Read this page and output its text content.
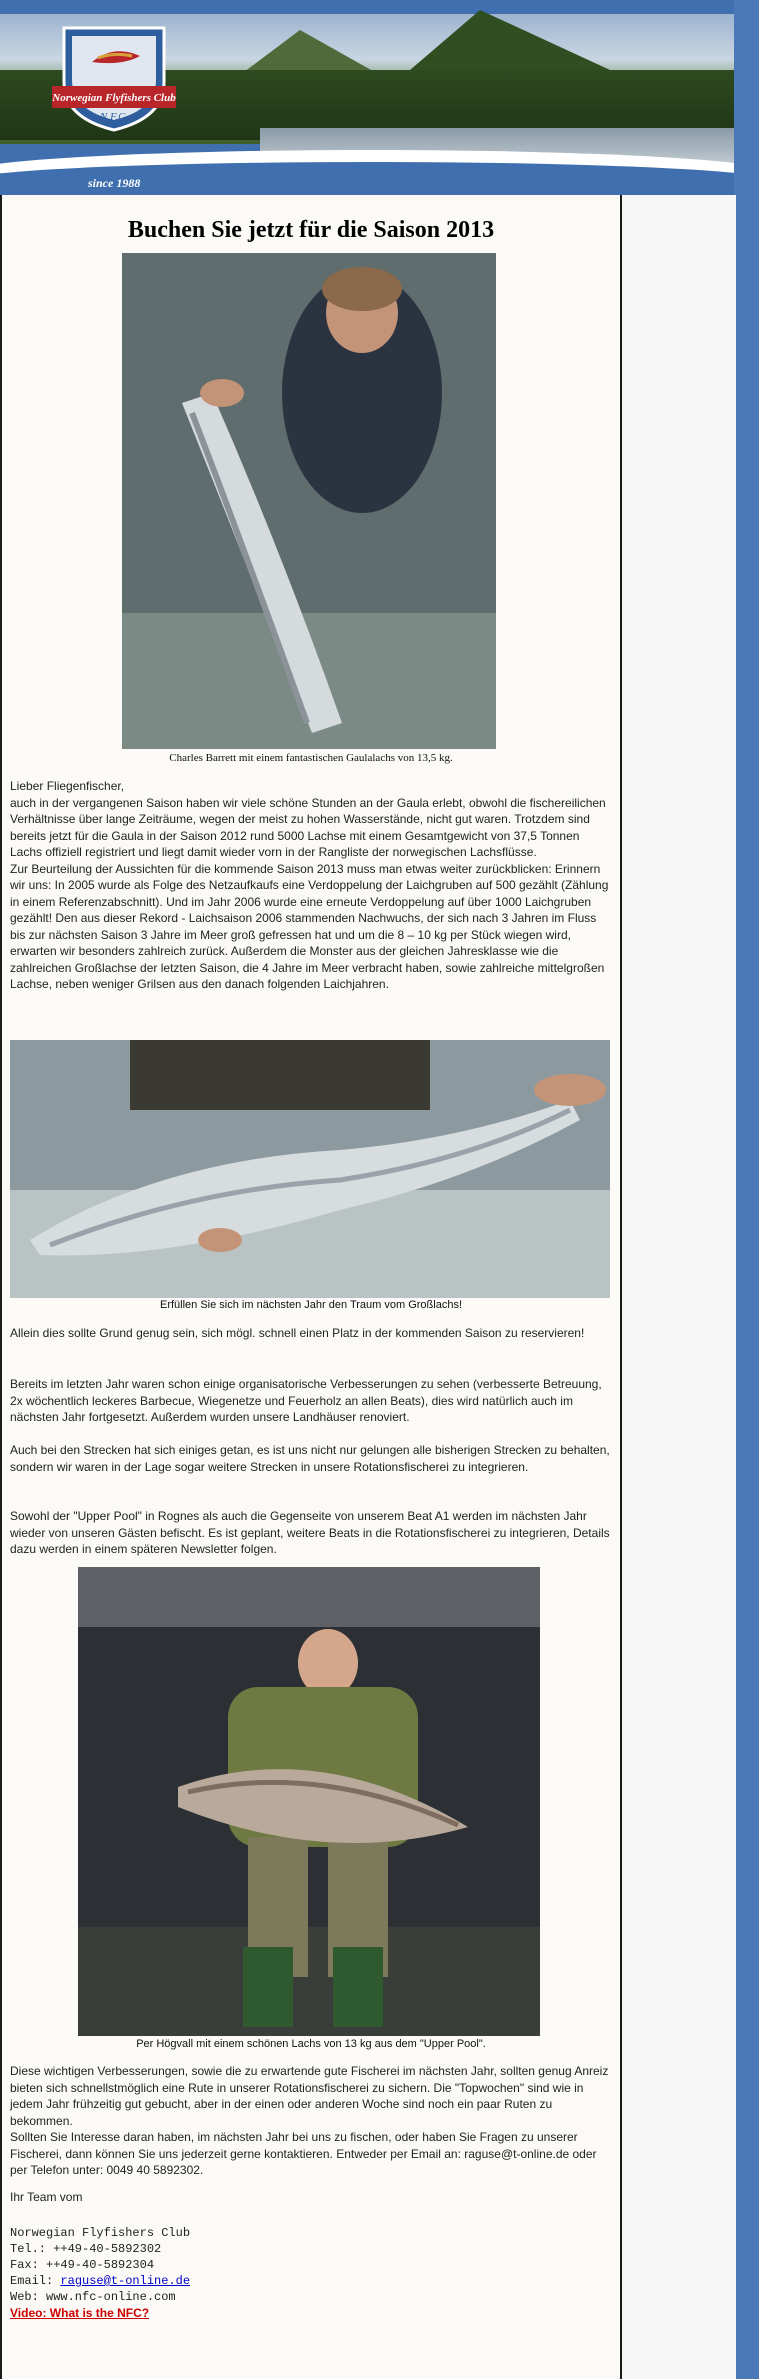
Norwegian Flyfishers Club
N.F.C.
since 1988
Buchen Sie jetzt für die Saison 2013
Charles Barrett mit einem fantastischen Gaulalachs von 13,5 kg.

Lieber Fliegenfischer,
auch in der vergangenen Saison haben wir viele schöne Stunden an der Gaula erlebt, obwohl die fischereilichen Verhältnisse über lange Zeiträume, wegen der meist zu hohen Wasserstände, nicht gut waren. Trotzdem sind bereits jetzt für die Gaula in der Saison 2012 rund 5000 Lachse mit einem Gesamtgewicht von 37,5 Tonnen Lachs offiziell registriert und liegt damit wieder vorn in der Rangliste der norwegischen Lachsflüsse.
Zur Beurteilung der Aussichten für die kommende Saison 2013 muss man etwas weiter zurückblicken: Erinnern wir uns: In 2005 wurde als Folge des Netzaufkaufs eine Verdoppelung der Laichgruben auf 500 gezählt (Zählung in einem Referenzabschnitt). Und im Jahr 2006 wurde eine erneute Verdoppelung auf über 1000 Laichgruben gezählt! Den aus dieser Rekord - Laichsaison 2006 stammenden Nachwuchs, der sich nach 3 Jahren im Fluss bis zur nächsten Saison 3 Jahre im Meer groß gefressen hat und um die 8 – 10 kg per Stück wiegen wird, erwarten wir besonders zahlreich zurück. Außerdem die Monster aus der gleichen Jahresklasse wie die zahlreichen Großlachse der letzten Saison, die 4 Jahre im Meer verbracht haben, sowie zahlreiche mittelgroßen Lachse, neben weniger Grilsen aus den danach folgenden Laichjahren.

Erfüllen Sie sich im nächsten Jahr den Traum vom Großlachs!

Allein dies sollte Grund genug sein, sich mögl. schnell einen Platz in der kommenden Saison zu reservieren!

Bereits im letzten Jahr waren schon einige organisatorische Verbesserungen zu sehen (verbesserte Betreuung, 2x wöchentlich leckeres Barbecue, Wiegenetze und Feuerholz an allen Beats), dies wird natürlich auch im nächsten Jahr fortgesetzt. Außerdem wurden unsere Landhäuser renoviert.

Auch bei den Strecken hat sich einiges getan, es ist uns nicht nur gelungen alle bisherigen Strecken zu behalten, sondern wir waren in der Lage sogar weitere Strecken in unsere Rotationsfischerei zu integrieren.

Sowohl der "Upper Pool" in Rognes als auch die Gegenseite von unserem Beat A1 werden im nächsten Jahr wieder von unseren Gästen befischt. Es ist geplant, weitere Beats in die Rotationsfischerei zu integrieren, Details dazu werden in einem späteren Newsletter folgen.

Per Högvall mit einem schönen Lachs von 13 kg aus dem "Upper Pool".

Diese wichtigen Verbesserungen, sowie die zu erwartende gute Fischerei im nächsten Jahr, sollten genug Anreiz bieten sich schnellstmöglich eine Rute in unserer Rotationsfischerei zu sichern. Die "Topwochen" sind wie in jedem Jahr frühzeitig gut gebucht, aber in der einen oder anderen Woche sind noch ein paar Ruten zu bekommen.

Sollten Sie Interesse daran haben, im nächsten Jahr bei uns zu fischen, oder haben Sie Fragen zu unserer Fischerei, dann können Sie uns jederzeit gerne kontaktieren. Entweder per Email an: raguse@t-online.de oder per Telefon unter: 0049 40 5892302.

Ihr Team vom

Norwegian Flyfishers Club
Tel.: ++49-40-5892302
Fax: ++49-40-5892304
Email: raguse@t-online.de
Web: www.nfc-online.com
Video: What is the NFC?
